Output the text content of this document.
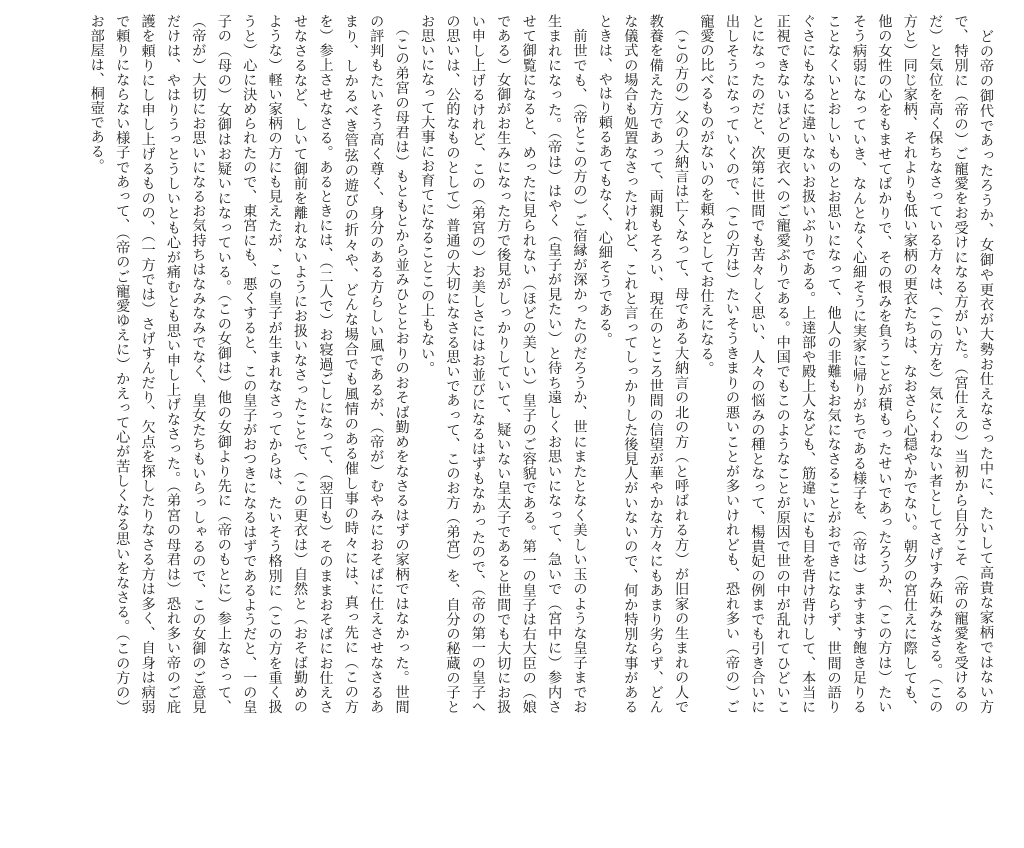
　どの帝の御代であったろうか、女御や更衣が大勢お仕えなさった中に、たいして高貴な家柄ではない方で、特別に（帝の）ご寵愛をお受けになる方がいた。（宮仕えの）当初から自分こそ（帝の寵愛を受けるのだ）と気位を高く保ちなさっている方々は、（この方を）気にくわない者としてさげすみ妬みなさる。（この方と）同じ家柄、それよりも低い家柄の更衣たちは、なおさら心穏やかでない。朝夕の宮仕えに際しても、他の女性の心をもませてばかりで、その恨みを負うことが積もったせいであったろうか、（この方は）たいそう病弱になっていき、なんとなく心細そうに実家に帰りがちである様子を、（帝は）ますます飽き足りることなくいとおしいものとお思いになって、他人の非難もお気になさることがおできにならず、世間の語りぐさにもなるに違いないお扱いぶりである。上達部や殿上人なども、筋違いにも目を背け背けして、本当に正視できないほどの更衣へのご寵愛ぶりである。中国でもこのようなことが原因で世の中が乱れてひどいことになったのだと、次第に世間でも苦々しく思い、人々の悩みの種となって、楊貴妃の例までも引き合いに出しそうになっていくので、（この方は）たいそうきまりの悪いことが多いけれども、恐れ多い（帝の）ご寵愛の比べるものがないのを頼みとしてお仕えになる。

　（この方の）父の大納言は亡くなって、母である大納言の北の方（と呼ばれる方）が旧家の生まれの人で教養を備えた方であって、両親もそろい、現在のところ世間の信望が華やかな方々にもあまり劣らず、どんな儀式の場合も処置なさったけれど、これと言ってしっかりした後見人がいないので、何か特別な事があるときは、やはり頼るあてもなく、心細そうである。

　前世でも、（帝とこの方の）ご宿縁が深かったのだろうか、世にまたとなく美しい玉のような皇子までお生まれになった。（帝は）はやく（皇子が見たい）と待ち遠しくお思いになって、急いで（宮中に）参内させて御覧になると、めったに見られない（ほどの美しい）皇子のご容貌である。第一の皇子は右大臣の（娘である）女御がお生みになった方で後見がしっかりしていて、疑いない皇太子であると世間でも大切にお扱い申し上げるけれど、この（弟宮の）お美しさにはお並びになるはずもなかったので、（帝の第一の皇子への思いは、公的なものとして）普通の大切になさる思いであって、このお方（弟宮）を、自分の秘蔵の子とお思いになって大事にお育てになることこの上もない。

　（この弟宮の母君は）もともとから並みひととおりのおそば勤めをなさるはずの家柄ではなかった。世間の評判もたいそう高く尊く、身分のある方らしい風であるが、（帝が）むやみにおそばに仕えさせなさるあまり、しかるべき管弦の遊びの折々や、どんな場合でも風情のある催し事の時々には、真っ先に（この方を）参上させなさる。あるときには、（二人で）お寝過ごしになって、（翌日も）そのままおそばにお仕えさせなさるなど、しいて御前を離れないようにお扱いなさったことで、（この更衣は）自然と（おそば勤めのような）軽い家柄の方にも見えたが、この皇子が生まれなさってからは、たいそう格別に（この方を重く扱うと）心に決められたので、東宮にも、悪くすると、この皇子がおつきになるはずであるようだと、一の皇子の（母の）女御はお疑いになっている。（この女御は）他の女御より先に（帝のもとに）参上なさって、（帝が）大切にお思いになるお気持ちはなみなみでなく、皇女たちもいらっしゃるので、この女御のご意見だけは、やはりうっとうしいとも心が痛むとも思い申し上げなさった。（弟宮の母君は）恐れ多い帝のご庇護を頼りにし申し上げるものの、（一方では）さげすんだり、欠点を探したりなさる方は多く、自身は病弱で頼りにならない様子であって、（帝のご寵愛ゆえに）かえって心が苦しくなる思いをなさる。（この方の）お部屋は、桐壺である。
